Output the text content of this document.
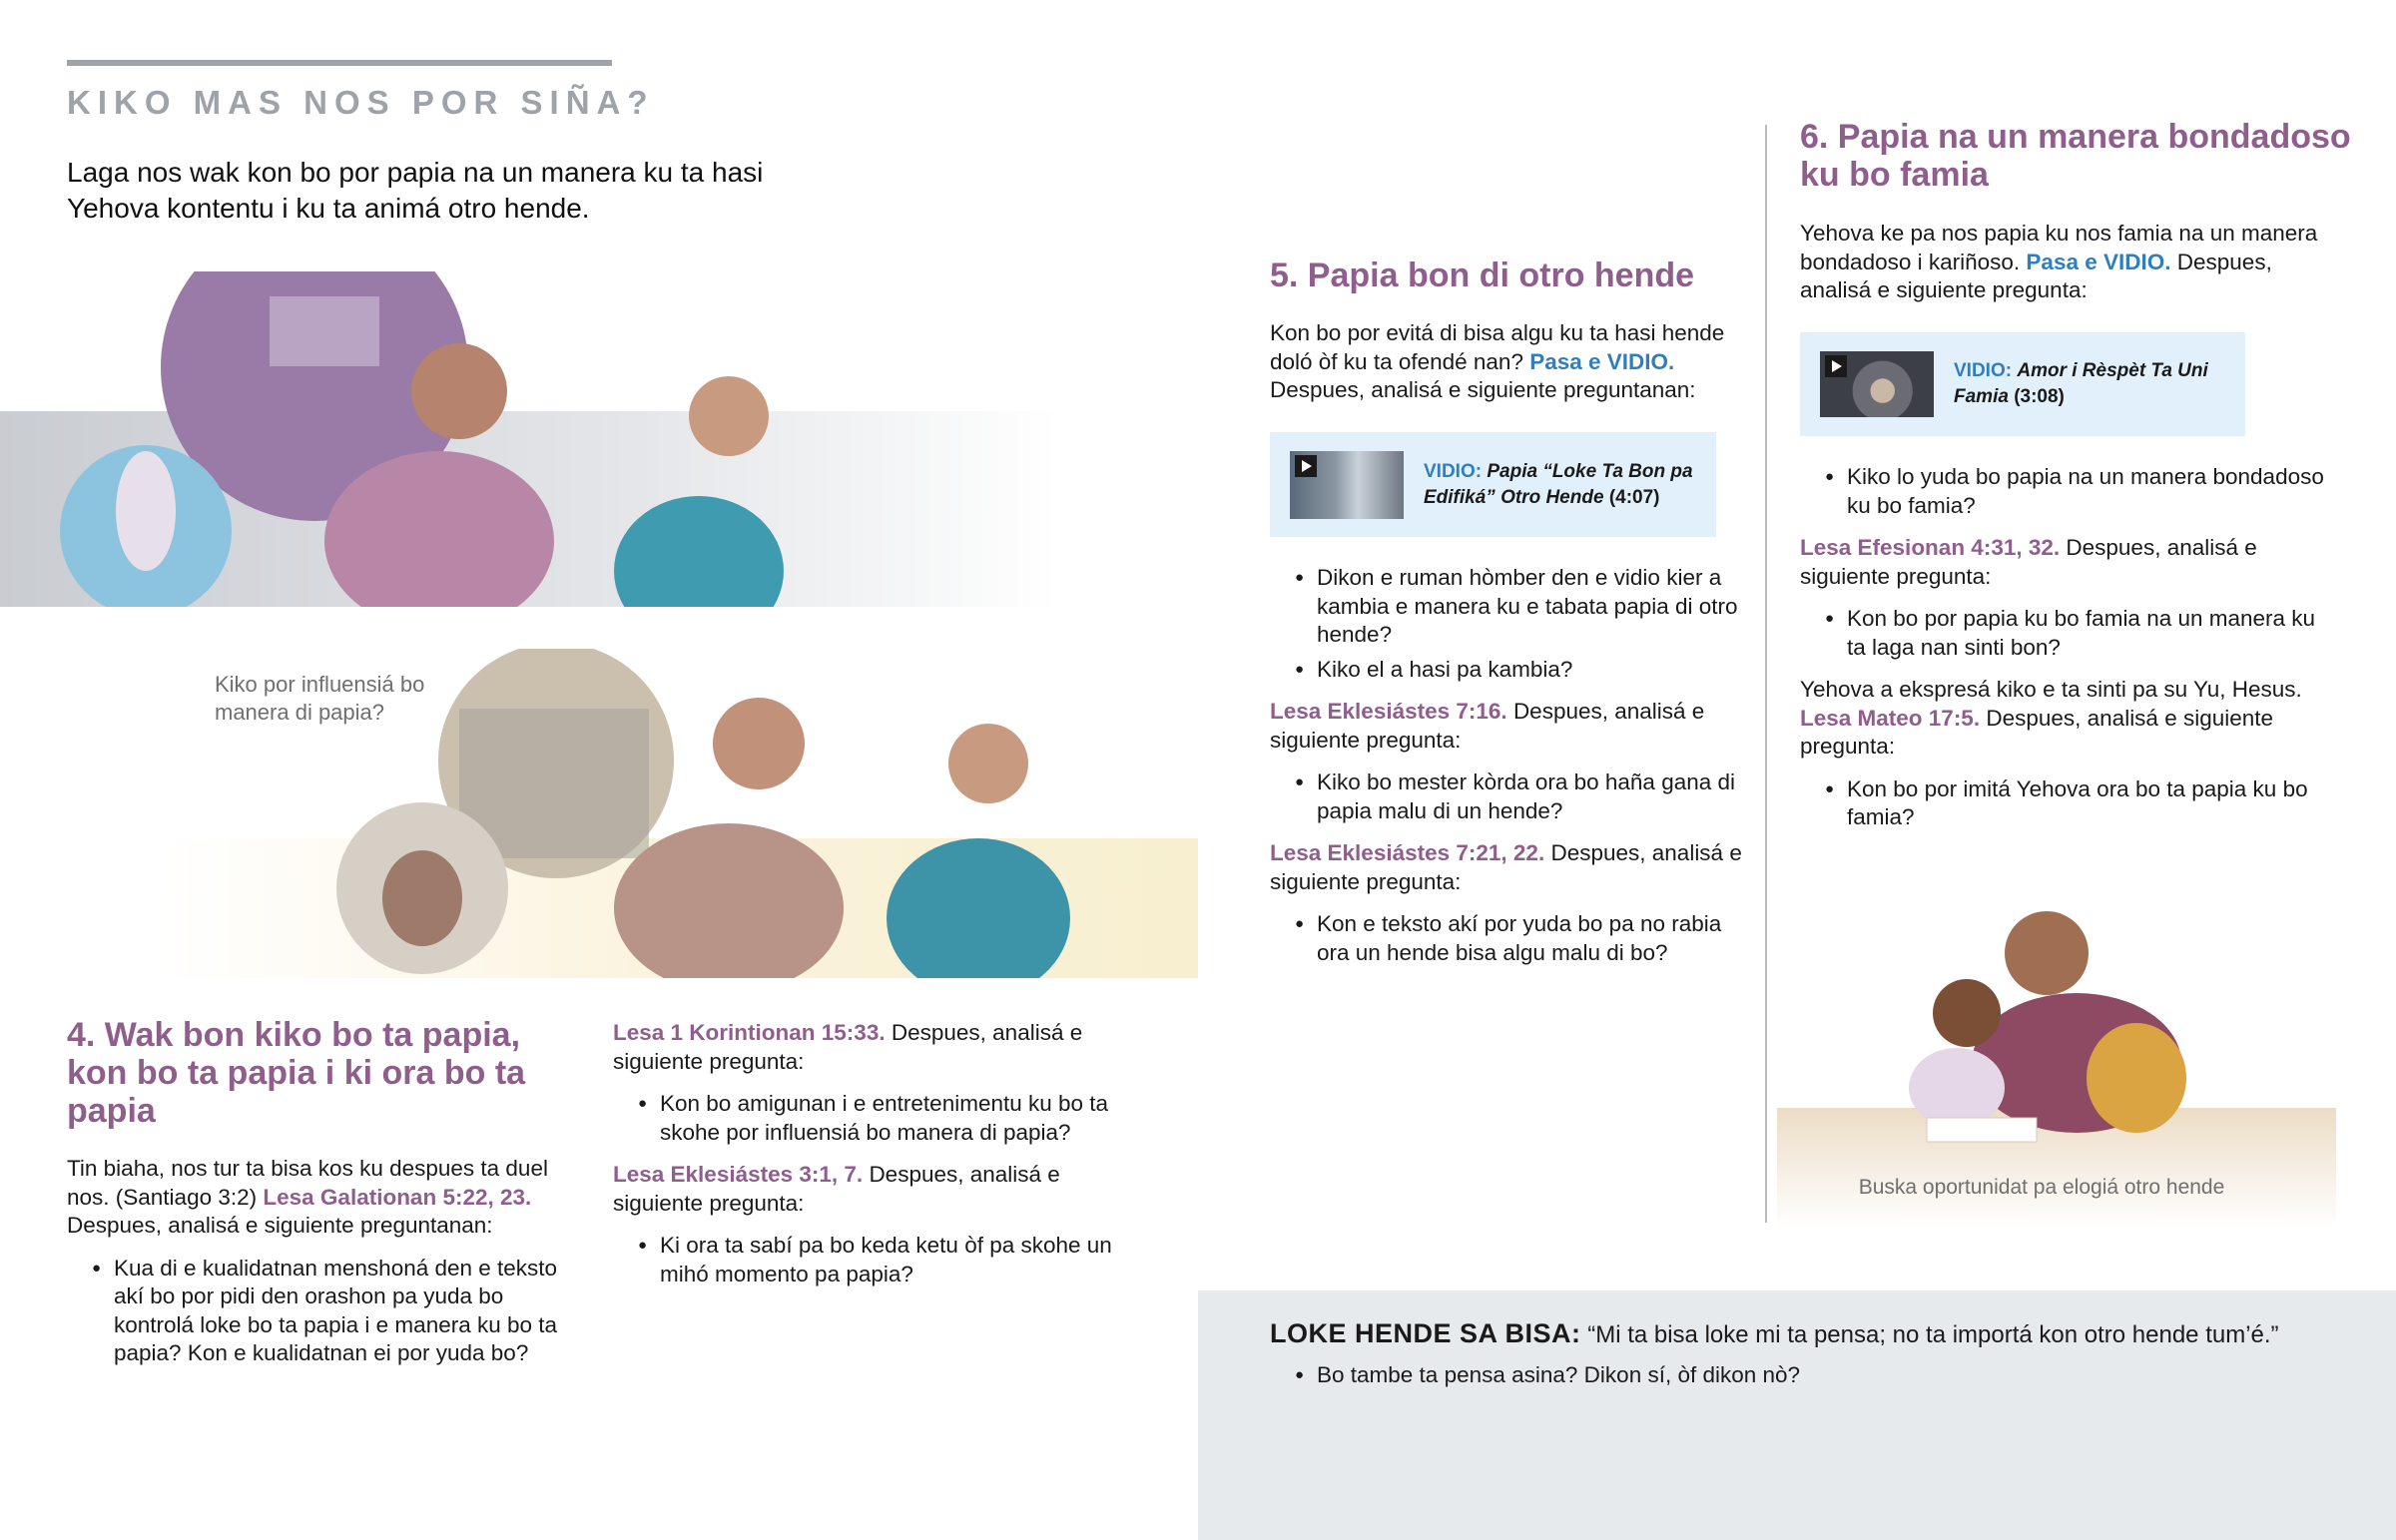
KIKO MAS NOS POR SIÑA?
Laga nos wak kon bo por papia na un manera ku ta hasi Yehova kontentu i ku ta animá otro hende.
Kiko por influensiá bo manera di papia?
4. Wak bon kiko bo ta papia, kon bo ta papia i ki ora bo ta papia

Tin biaha, nos tur ta bisa kos ku despues ta duel nos. (Santiago 3:2) Lesa Galationan 5:22, 23. Despues, analisá e siguiente preguntanan:

● Kua di e kualidatnan menshoná den e teksto akí bo por pidi den orashon pa yuda bo kontrolá loke bo ta papia i e manera ku bo ta papia? Kon e kualidatnan ei por yuda bo?

Lesa 1 Korintionan 15:33. Despues, analisá e siguiente pregunta:

● Kon bo amigunan i e entretenimentu ku bo ta skohe por influensiá bo manera di papia?

Lesa Eklesiástes 3:1, 7. Despues, analisá e siguiente pregunta:

● Ki ora ta sabí pa bo keda ketu òf pa skohe un mihó momento pa papia?
5. Papia bon di otro hende

Kon bo por evitá di bisa algu ku ta hasi hende doló òf ku ta ofendé nan? Pasa e VIDIO. Despues, analisá e siguiente preguntanan:

VIDIO: Papia “Loke Ta Bon pa Edifiká” Otro Hende (4:07)
● Dikon e ruman hòmber den e vidio kier a kambia e manera ku e tabata papia di otro hende?
● Kiko el a hasi pa kambia?

Lesa Eklesiástes 7:16. Despues, analisá e siguiente pregunta:

● Kiko bo mester kòrda ora bo haña gana di papia malu di un hende?

Lesa Eklesiástes 7:21, 22. Despues, analisá e siguiente pregunta:

● Kon e teksto akí por yuda bo pa no rabia ora un hende bisa algu malu di bo?
6. Papia na un manera bondadoso ku bo famia

Yehova ke pa nos papia ku nos famia na un manera bondadoso i kariñoso. Pasa e VIDIO. Despues, analisá e siguiente pregunta:

VIDIO: Amor i Rèspèt Ta Uni Famia (3:08)
● Kiko lo yuda bo papia na un manera bondadoso ku bo famia?

Lesa Efesionan 4:31, 32. Despues, analisá e siguiente pregunta:

● Kon bo por papia ku bo famia na un manera ku ta laga nan sinti bon?

Yehova a ekspresá kiko e ta sinti pa su Yu, Hesus. Lesa Mateo 17:5. Despues, analisá e siguiente pregunta:

● Kon bo por imitá Yehova ora bo ta papia ku bo famia?
Buska oportunidat pa elogiá otro hende
LOKE HENDE SA BISA: “Mi ta bisa loke mi ta pensa; no ta importá kon otro hende tum’é.”
● Bo tambe ta pensa asina? Dikon sí, òf dikon nò?
